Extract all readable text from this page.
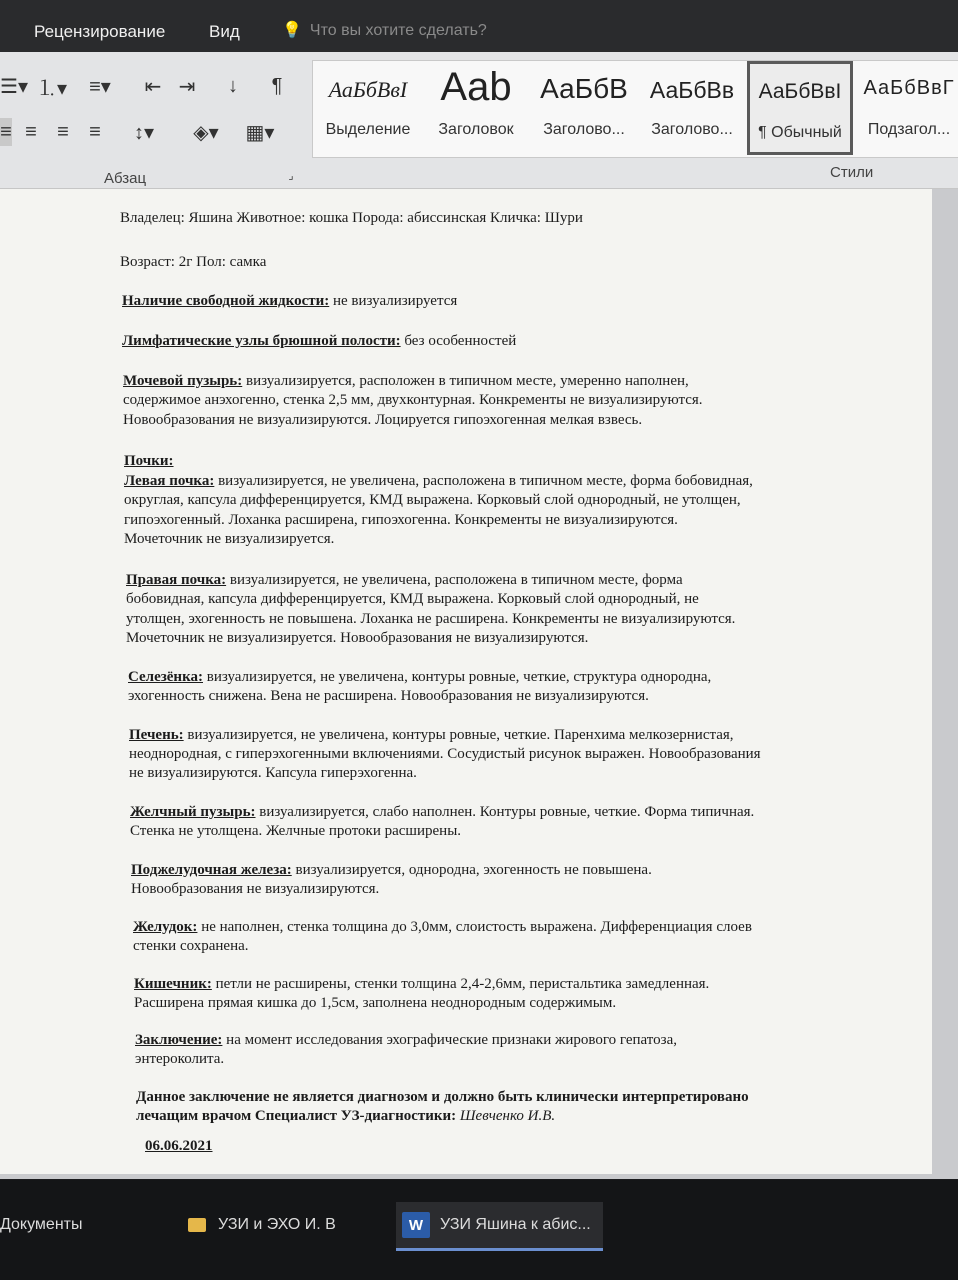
Рецензирование	Вид	💡 Что вы хотите сделать?
☰▾ ⒈▾	≡▾	⇤ ⇥	↓	¶
≡ ≡	≡	≡	↕▾	◈▾	▦▾
Абзац	⌟
АаБбВвІ
Выделение
Aab
Заголовок
АаБбВ
Заголово...
АаБбВв
Заголово...
АаБбВвІ
¶ Обычный
АаБбВвГ
Подзагол...
Стили
Владелец: Яшина Животное: кошка Порода: абиссинская Кличка: Шури
Возраст: 2г Пол: самка
Наличие свободной жидкости: не визуализируется
Лимфатические узлы брюшной полости: без особенностей
Мочевой пузырь: визуализируется, расположен в типичном месте, умеренно наполнен,
содержимое анэхогенно, стенка 2,5 мм, двухконтурная. Конкременты не визуализируются.
Новообразования не визуализируются. Лоцируется гипоэхогенная мелкая взвесь.
Почки:
Левая почка: визуализируется, не увеличена, расположена в типичном месте, форма бобовидная,
округлая, капсула дифференцируется, КМД выражена. Корковый слой однородный, не утолщен,
гипоэхогенный. Лоханка расширена, гипоэхогенна. Конкременты не визуализируются.
Мочеточник не визуализируется.
Правая почка: визуализируется, не увеличена, расположена в типичном месте, форма
бобовидная, капсула дифференцируется, КМД выражена. Корковый слой однородный, не
утолщен, эхогенность не повышена. Лоханка не расширена. Конкременты не визуализируются.
Мочеточник не визуализируется. Новообразования не визуализируются.
Селезёнка: визуализируется, не увеличена, контуры ровные, четкие, структура однородна,
эхогенность снижена. Вена не расширена. Новообразования не визуализируются.
Печень: визуализируется, не увеличена, контуры ровные, четкие. Паренхима мелкозернистая,
неоднородная, с гиперэхогенными включениями. Сосудистый рисунок выражен. Новообразования
не визуализируются. Капсула гиперэхогенна.
Желчный пузырь: визуализируется, слабо наполнен. Контуры ровные, четкие. Форма типичная.
Стенка не утолщена. Желчные протоки расширены.
Поджелудочная железа: визуализируется, однородна, эхогенность не повышена.
Новообразования не визуализируются.
Желудок: не наполнен, стенка толщина до 3,0мм, слоистость выражена. Дифференциация слоев
стенки сохранена.
Кишечник: петли не расширены, стенки толщина 2,4-2,6мм, перистальтика замедленная.
Расширена прямая кишка до 1,5см, заполнена неоднородным содержимым.
Заключение: на момент исследования эхографические признаки жирового гепатоза,
энтероколита.
Данное заключение не является диагнозом и должно быть клинически интерпретировано
лечащим врачом Специалист УЗ-диагностики: Шевченко И.В.
06.06.2021
Документы	УЗИ и ЭХО И. В	W	УЗИ Яшина к абис...
